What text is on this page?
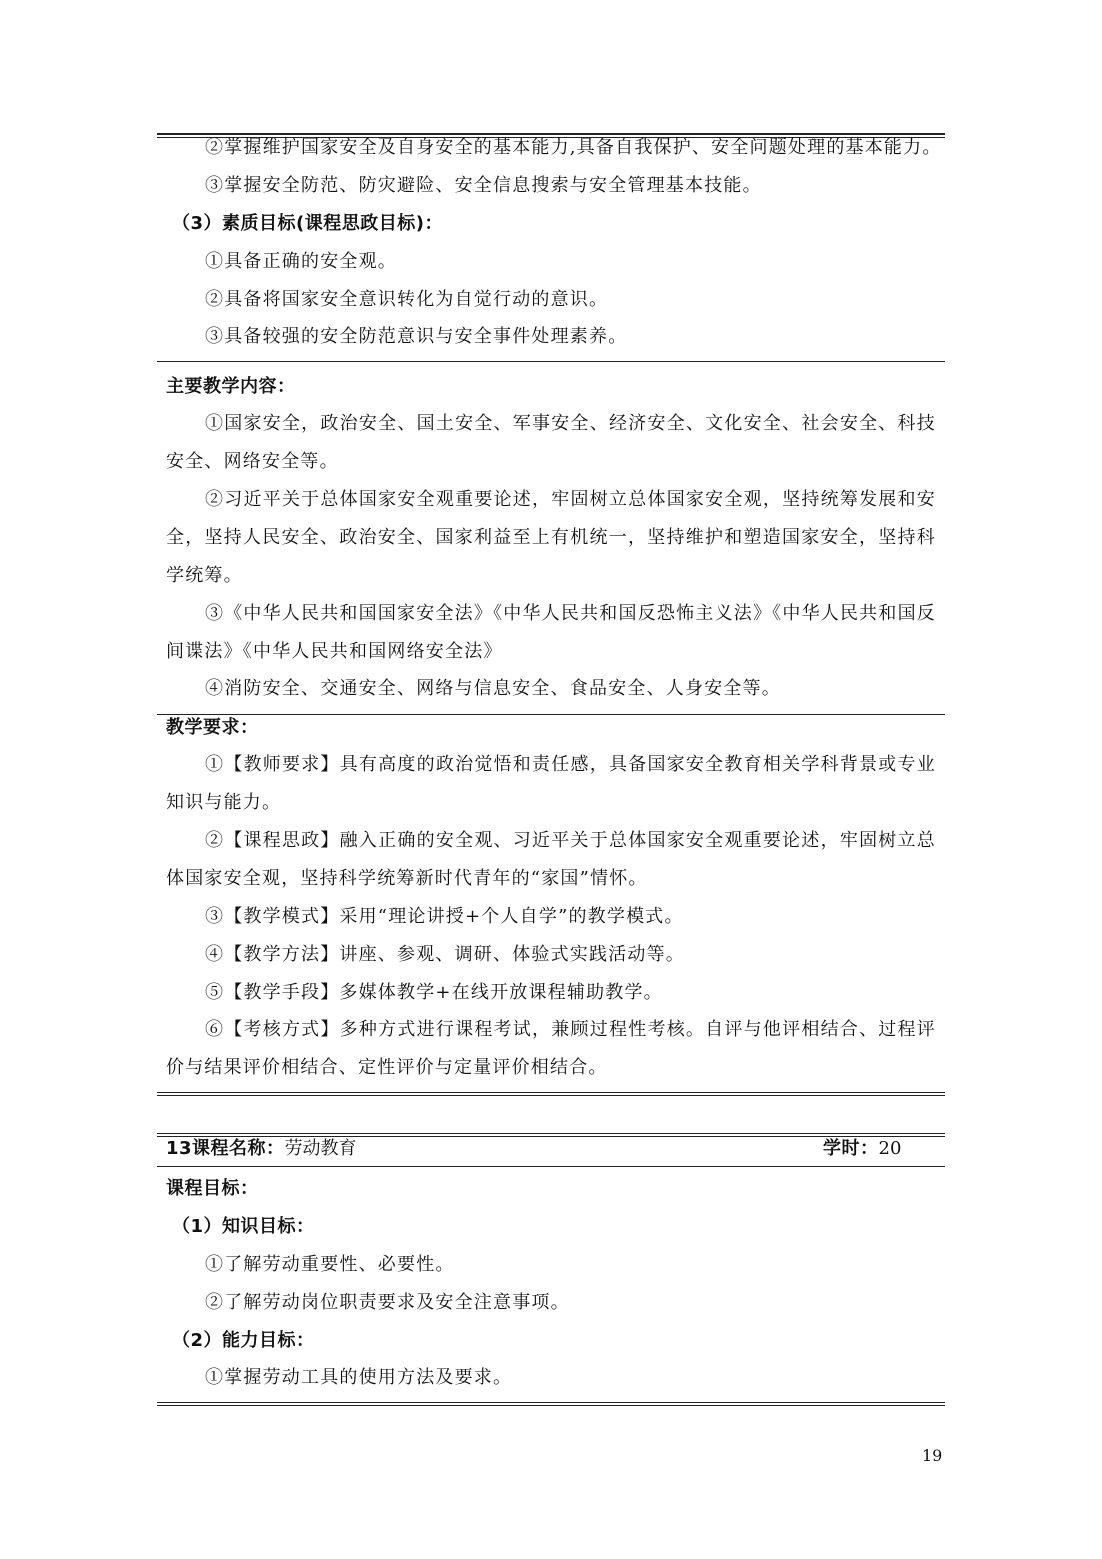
②掌握维护国家安全及自身安全的基本能力,具备自我保护、安全问题处理的基本能力。
③掌握安全防范、防灾避险、安全信息搜索与安全管理基本技能。
（3）素质目标(课程思政目标)：
①具备正确的安全观。
②具备将国家安全意识转化为自觉行动的意识。
③具备较强的安全防范意识与安全事件处理素养。
主要教学内容：
①国家安全，政治安全、国土安全、军事安全、经济安全、文化安全、社会安全、科技安全、网络安全等。
②习近平关于总体国家安全观重要论述，牢固树立总体国家安全观，坚持统筹发展和安全，坚持人民安全、政治安全、国家利益至上有机统一，坚持维护和塑造国家安全，坚持科学统筹。
③《中华人民共和国国家安全法》《中华人民共和国反恐怖主义法》《中华人民共和国反间谍法》《中华人民共和国网络安全法》
④消防安全、交通安全、网络与信息安全、食品安全、人身安全等。
教学要求：
①【教师要求】具有高度的政治觉悟和责任感，具备国家安全教育相关学科背景或专业知识与能力。
②【课程思政】融入正确的安全观、习近平关于总体国家安全观重要论述，牢固树立总体国家安全观，坚持科学统筹新时代青年的“家国”情怀。
③【教学模式】采用“理论讲授+个人自学”的教学模式。
④【教学方法】讲座、参观、调研、体验式实践活动等。
⑤【教学手段】多媒体教学+在线开放课程辅助教学。
⑥【考核方式】多种方式进行课程考试，兼顾过程性考核。自评与他评相结合、过程评价与结果评价相结合、定性评价与定量评价相结合。
13课程名称：劳动教育	学时：20
课程目标：
（1）知识目标：
①了解劳动重要性、必要性。
②了解劳动岗位职责要求及安全注意事项。
（2）能力目标：
①掌握劳动工具的使用方法及要求。
19
